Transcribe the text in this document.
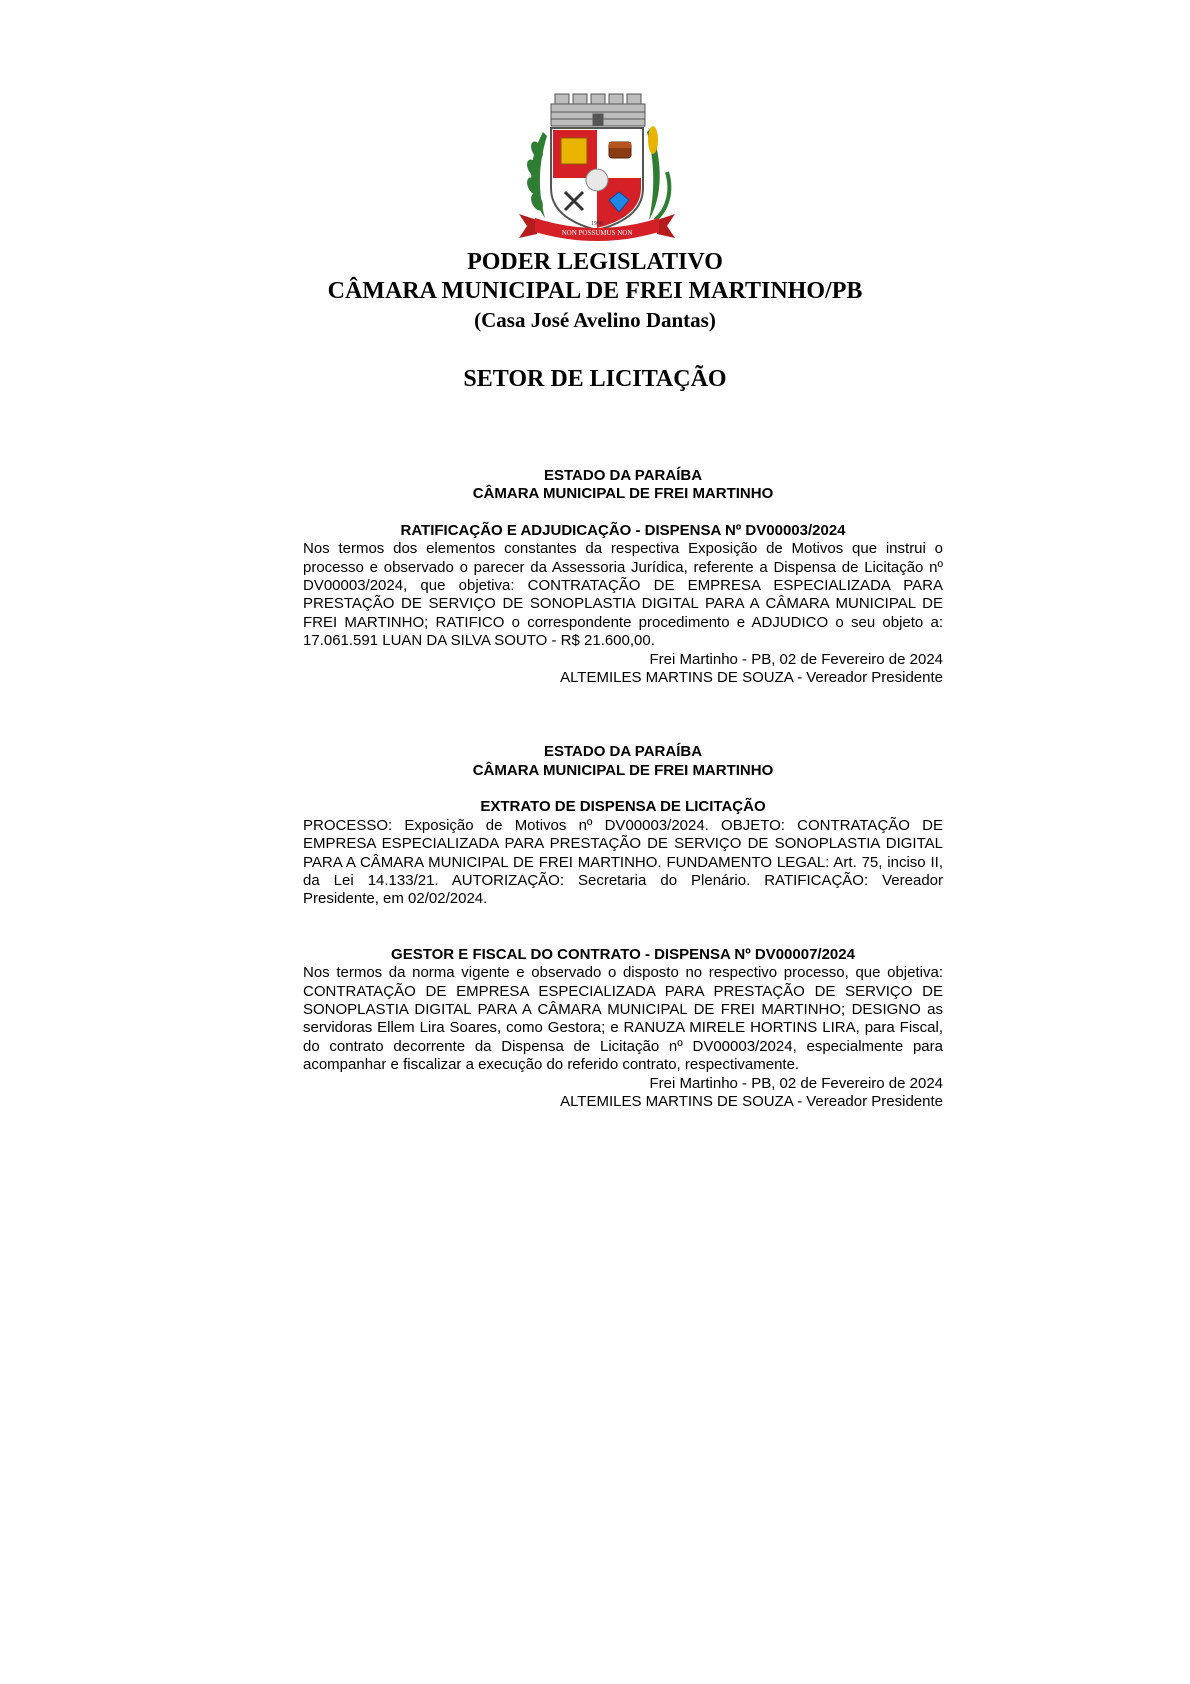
NON POSSUMUS NON
1996
PODER LEGISLATIVO
CÂMARA MUNICIPAL DE FREI MARTINHO/PB
(Casa José Avelino Dantas)
SETOR DE LICITAÇÃO
ESTADO DA PARAÍBA
CÂMARA MUNICIPAL DE FREI MARTINHO
RATIFICAÇÃO E ADJUDICAÇÃO - DISPENSA Nº DV00003/2024
Nos termos dos elementos constantes da respectiva Exposição de Motivos que instrui o processo e observado o parecer da Assessoria Jurídica, referente a Dispensa de Licitação nº DV00003/2024, que objetiva: CONTRATAÇÃO DE EMPRESA ESPECIALIZADA PARA PRESTAÇÃO DE SERVIÇO DE SONOPLASTIA DIGITAL PARA A CÂMARA MUNICIPAL DE FREI MARTINHO; RATIFICO o correspondente procedimento e ADJUDICO o seu objeto a: 17.061.591 LUAN DA SILVA SOUTO - R$ 21.600,00.
Frei Martinho - PB, 02 de Fevereiro de 2024
ALTEMILES MARTINS DE SOUZA - Vereador Presidente
ESTADO DA PARAÍBA
CÂMARA MUNICIPAL DE FREI MARTINHO
EXTRATO DE DISPENSA DE LICITAÇÃO
PROCESSO: Exposição de Motivos nº DV00003/2024. OBJETO: CONTRATAÇÃO DE EMPRESA ESPECIALIZADA PARA PRESTAÇÃO DE SERVIÇO DE SONOPLASTIA DIGITAL PARA A CÂMARA MUNICIPAL DE FREI MARTINHO. FUNDAMENTO LEGAL: Art. 75, inciso II, da Lei 14.133/21. AUTORIZAÇÃO: Secretaria do Plenário. RATIFICAÇÃO: Vereador Presidente, em 02/02/2024.
GESTOR E FISCAL DO CONTRATO - DISPENSA Nº DV00007/2024
Nos termos da norma vigente e observado o disposto no respectivo processo, que objetiva: CONTRATAÇÃO DE EMPRESA ESPECIALIZADA PARA PRESTAÇÃO DE SERVIÇO DE SONOPLASTIA DIGITAL PARA A CÂMARA MUNICIPAL DE FREI MARTINHO; DESIGNO as servidoras Ellem Lira Soares, como Gestora; e RANUZA MIRELE HORTINS LIRA, para Fiscal, do contrato decorrente da Dispensa de Licitação nº DV00003/2024, especialmente para acompanhar e fiscalizar a execução do referido contrato, respectivamente.
Frei Martinho - PB, 02 de Fevereiro de 2024
ALTEMILES MARTINS DE SOUZA - Vereador Presidente
